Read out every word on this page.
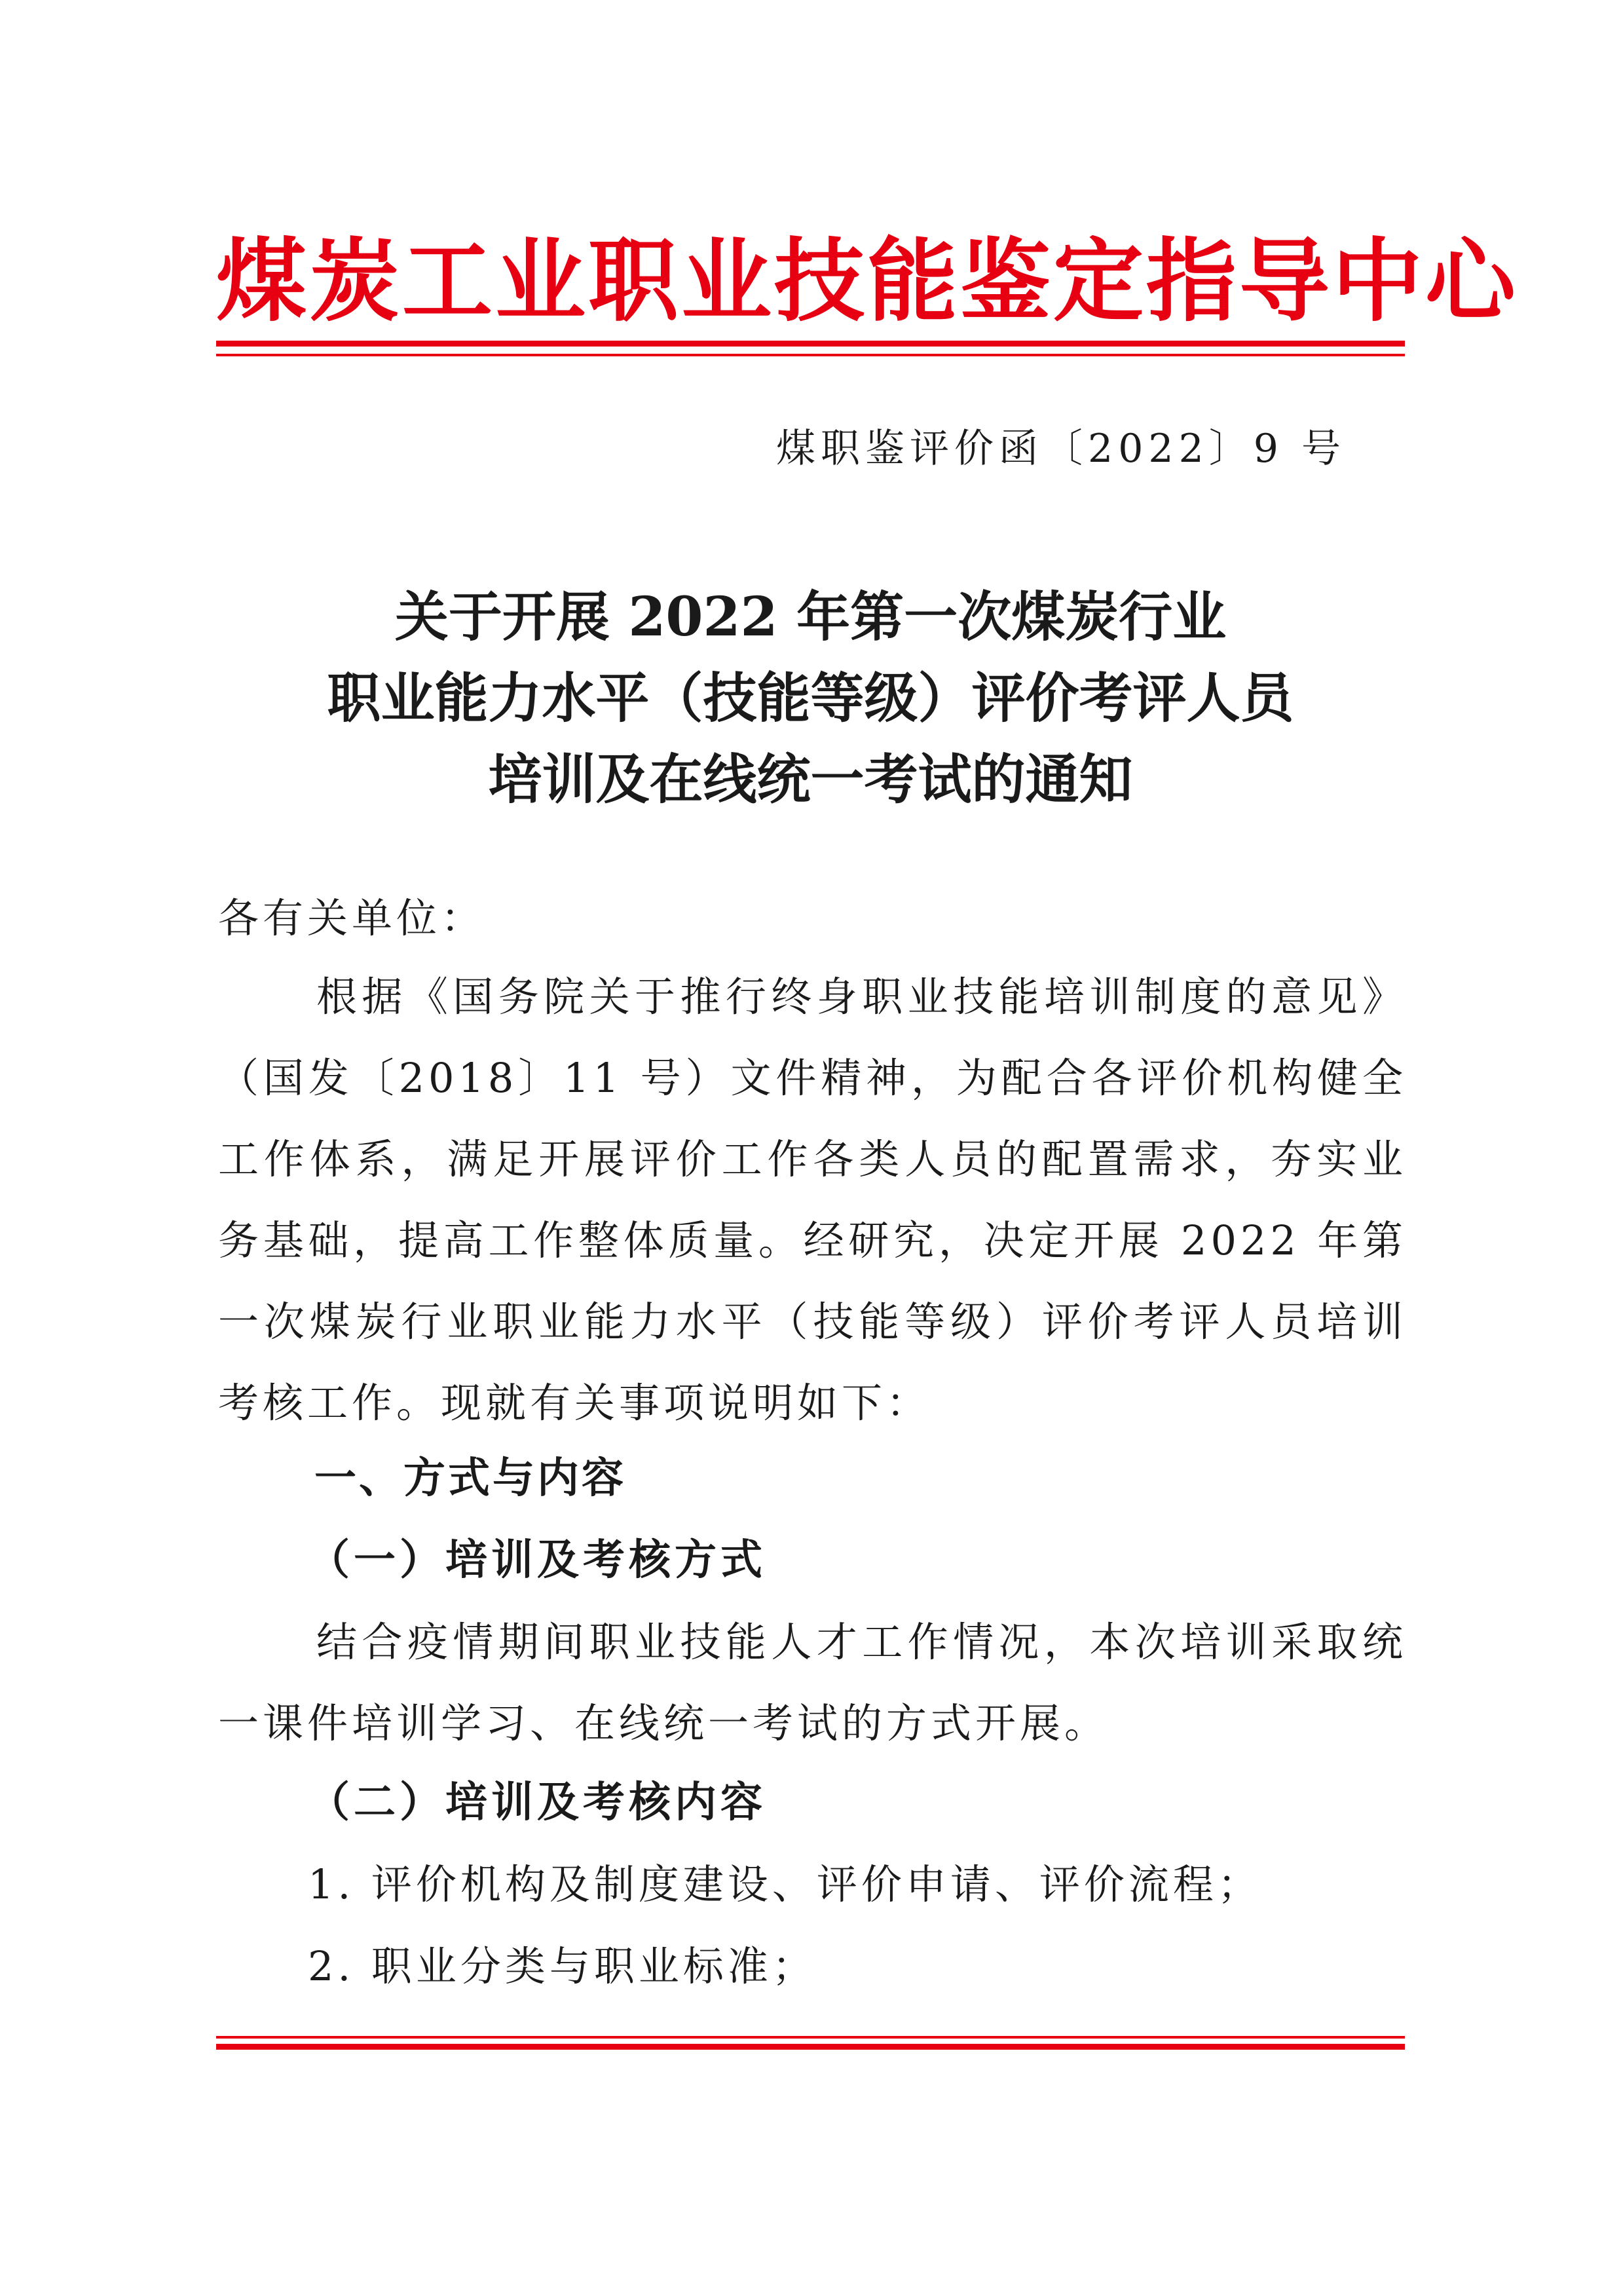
煤炭工业职业技能鉴定指导中心
煤职鉴评价函〔2022〕9 号
关于开展 2022 年第一次煤炭行业
职业能力水平（技能等级）评价考评人员
培训及在线统一考试的通知
各有关单位：
根据《国务院关于推行终身职业技能培训制度的意见》（国发〔2018〕11 号）文件精神，为配合各评价机构健全工作体系，满足开展评价工作各类人员的配置需求，夯实业务基础，提高工作整体质量。经研究，决定开展 2022 年第一次煤炭行业职业能力水平（技能等级）评价考评人员培训考核工作。现就有关事项说明如下：
一、方式与内容
（一）培训及考核方式
结合疫情期间职业技能人才工作情况，本次培训采取统一课件培训学习、在线统一考试的方式开展。
（二）培训及考核内容
1. 评价机构及制度建设、评价申请、评价流程；
2. 职业分类与职业标准；
